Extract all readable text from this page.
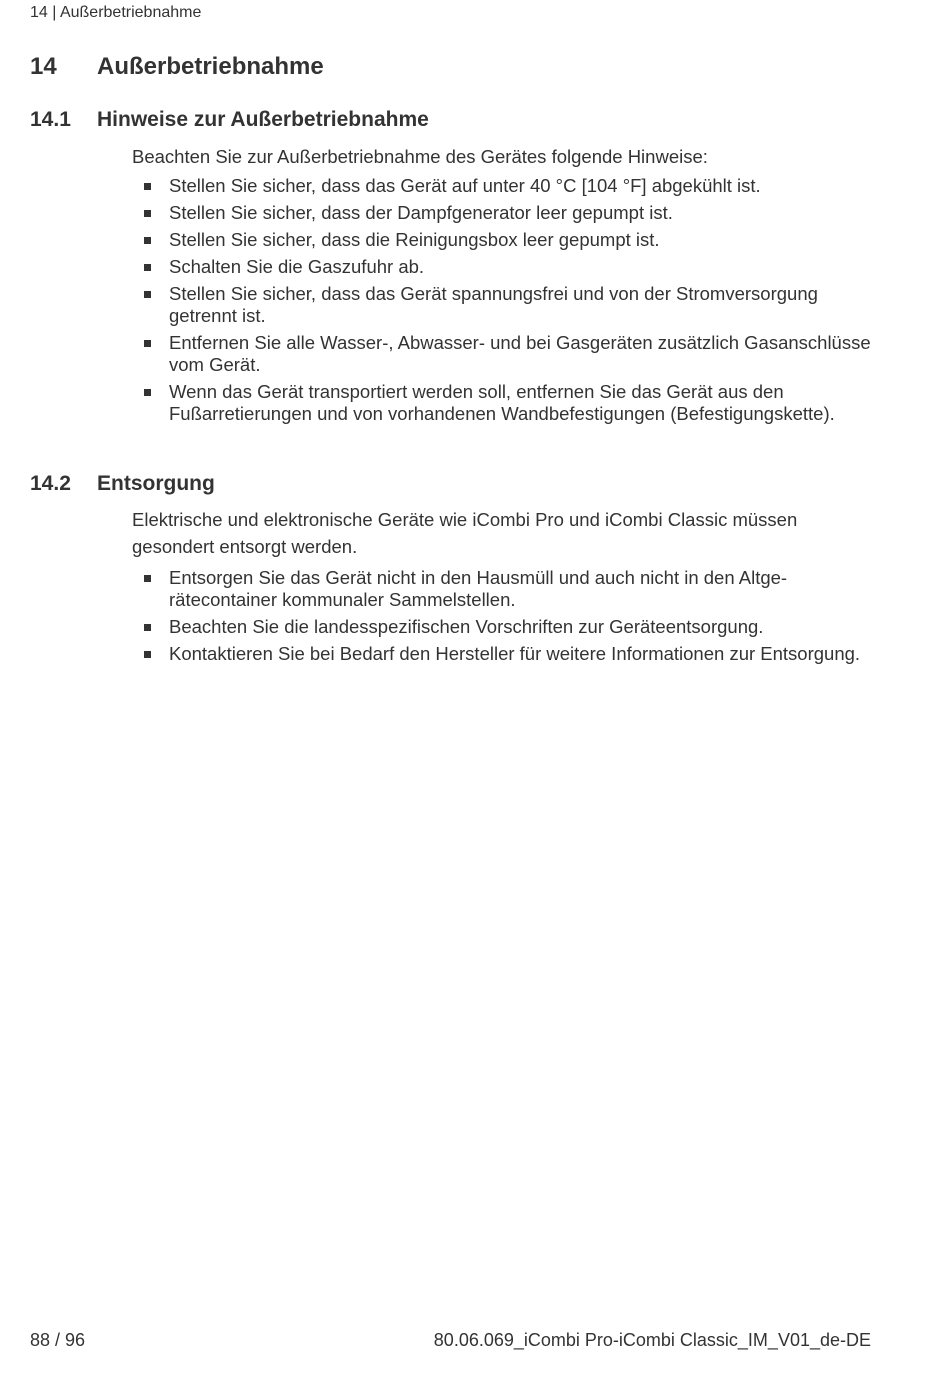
14 | Außerbetriebnahme
14 Außerbetriebnahme
14.1 Hinweise zur Außerbetriebnahme

Beachten Sie zur Außerbetriebnahme des Gerätes folgende Hinweise:

Stellen Sie sicher, dass das Gerät auf unter 40 °C [104 °F] abgekühlt ist.
Stellen Sie sicher, dass der Dampfgenerator leer gepumpt ist.
Stellen Sie sicher, dass die Reinigungsbox leer gepumpt ist.
Schalten Sie die Gaszufuhr ab.
Stellen Sie sicher, dass das Gerät spannungsfrei und von der Stromversorgung getrennt ist.
Entfernen Sie alle Wasser-, Abwasser- und bei Gasgeräten zusätzlich Gasanschlüsse vom Gerät.
Wenn das Gerät transportiert werden soll, entfernen Sie das Gerät aus den Fußarretierungen und von vorhandenen Wandbefestigungen (Befestigungskette).
14.2 Entsorgung

Elektrische und elektronische Geräte wie iCombi Pro und iCombi Classic müssen gesondert entsorgt werden.

Entsorgen Sie das Gerät nicht in den Hausmüll und auch nicht in den Altgerätecontainer kommunaler Sammelstellen.
Beachten Sie die landesspezifischen Vorschriften zur Geräteentsorgung.
Kontaktieren Sie bei Bedarf den Hersteller für weitere Informationen zur Entsorgung.
88 / 96	80.06.069_iCombi Pro-iCombi Classic_IM_V01_de-DE
